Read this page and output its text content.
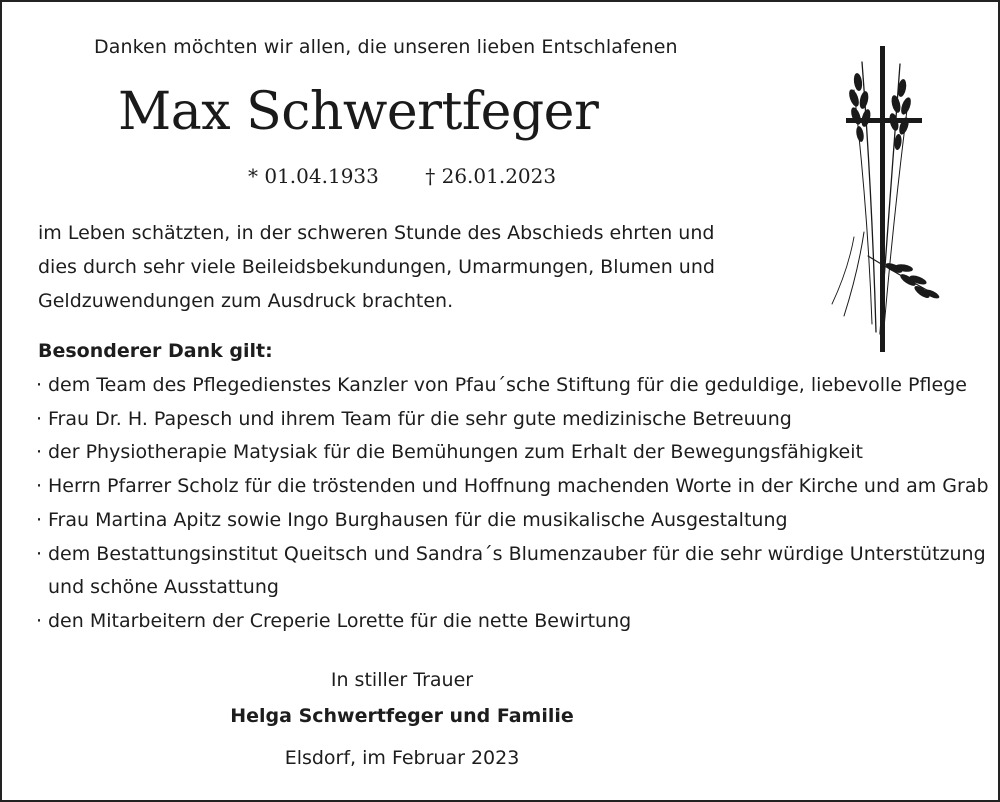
Danken möchten wir allen, die unseren lieben Entschlafenen
Max Schwertfeger
* 01.04.1933 † 26.01.2023
im Leben schätzten, in der schweren Stunde des Abschieds ehrten und
dies durch sehr viele Beileidsbekundungen, Umarmungen, Blumen und
Geldzuwendungen zum Ausdruck brachten.
Besonderer Dank gilt:
· dem Team des Pflegedienstes Kanzler von Pfau´sche Stiftung für die geduldige, liebevolle Pflege
· Frau Dr. H. Papesch und ihrem Team für die sehr gute medizinische Betreuung
· der Physiotherapie Matysiak für die Bemühungen zum Erhalt der Bewegungsfähigkeit
· Herrn Pfarrer Scholz für die tröstenden und Hoffnung machenden Worte in der Kirche und am Grab
· Frau Martina Apitz sowie Ingo Burghausen für die musikalische Ausgestaltung
· dem Bestattungsinstitut Queitsch und Sandra´s Blumenzauber für die sehr würdige Unterstützung
und schöne Ausstattung
· den Mitarbeitern der Creperie Lorette für die nette Bewirtung
In stiller Trauer
Helga Schwertfeger und Familie
Elsdorf, im Februar 2023
